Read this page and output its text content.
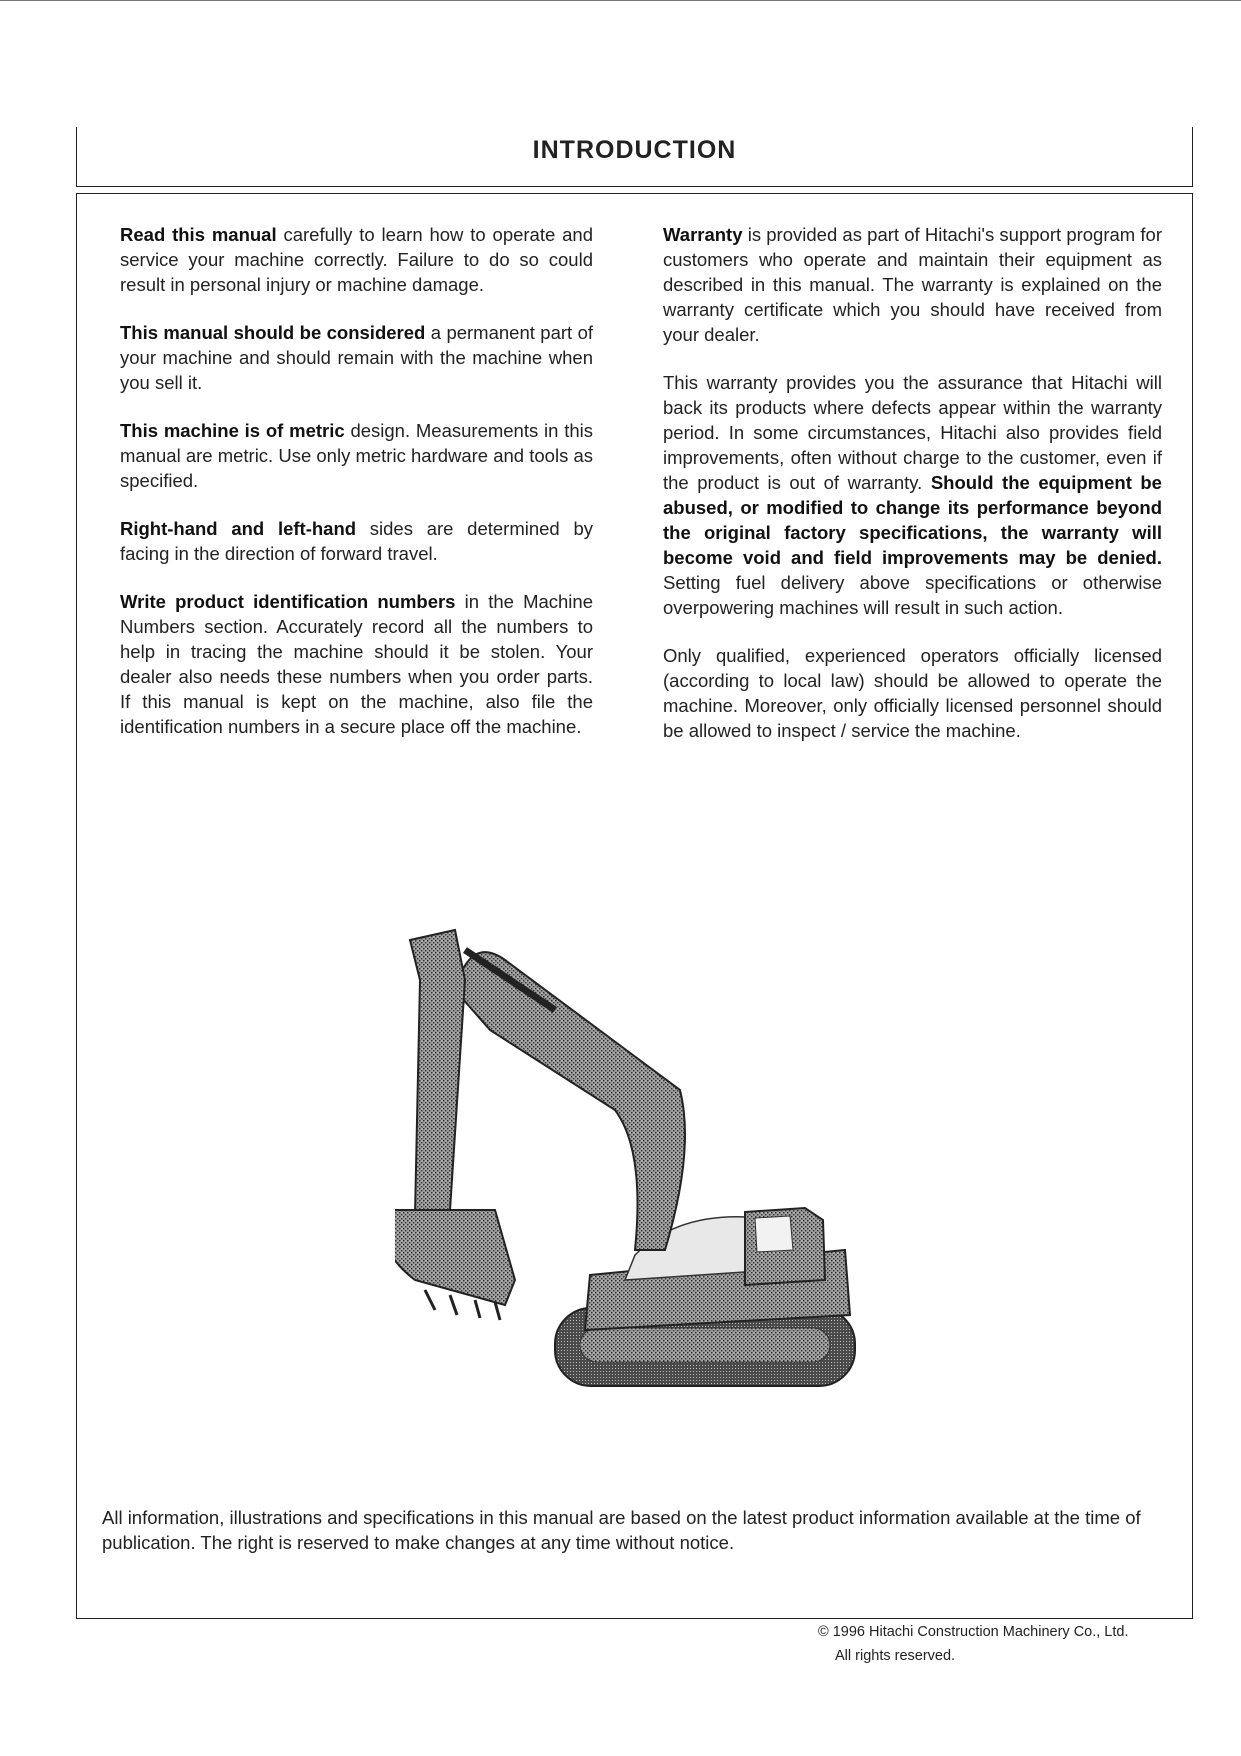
INTRODUCTION

Read this manual carefully to learn how to operate and service your machine correctly. Failure to do so could result in personal injury or machine damage.

This manual should be considered a permanent part of your machine and should remain with the machine when you sell it.

This machine is of metric design. Measurements in this manual are metric. Use only metric hardware and tools as specified.

Right-hand and left-hand sides are determined by facing in the direction of forward travel.

Write product identification numbers in the Machine Numbers section. Accurately record all the numbers to help in tracing the machine should it be stolen. Your dealer also needs these numbers when you order parts. If this manual is kept on the machine, also file the identification numbers in a secure place off the machine.

Warranty is provided as part of Hitachi's support program for customers who operate and maintain their equipment as described in this manual. The warranty is explained on the warranty certificate which you should have received from your dealer.

This warranty provides you the assurance that Hitachi will back its products where defects appear within the warranty period. In some circumstances, Hitachi also provides field improvements, often without charge to the customer, even if the product is out of warranty. Should the equipment be abused, or modified to change its performance beyond the original factory specifications, the warranty will become void and field improvements may be denied. Setting fuel delivery above specifications or otherwise overpowering machines will result in such action.

Only qualified, experienced operators officially licensed (according to local law) should be allowed to operate the machine. Moreover, only officially licensed personnel should be allowed to inspect / service the machine.

All information, illustrations and specifications in this manual are based on the latest product information available at the time of publication. The right is reserved to make changes at any time without notice.
© 1996 Hitachi Construction Machinery Co., Ltd.
All rights reserved.
